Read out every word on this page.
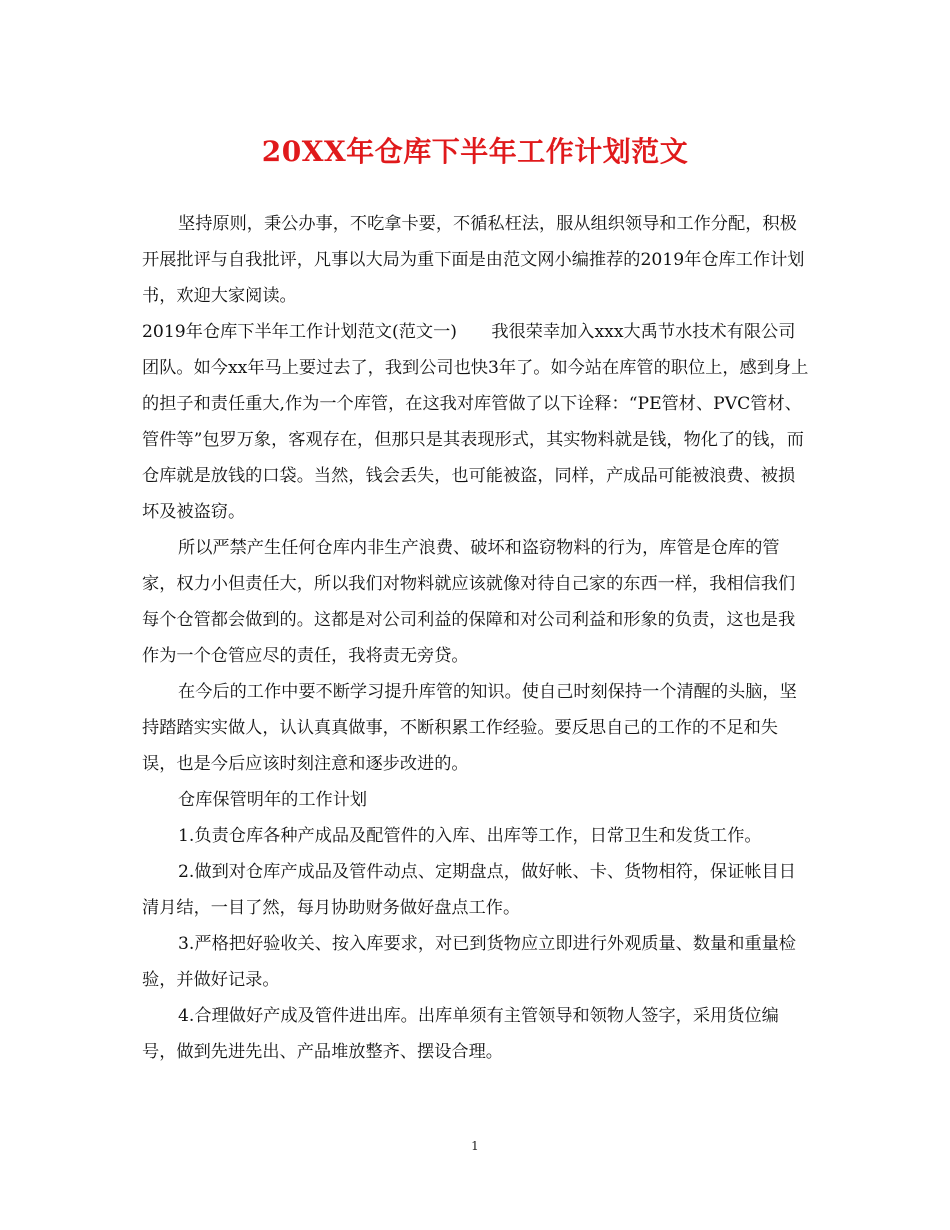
20XX年仓库下半年工作计划范文

坚持原则，秉公办事，不吃拿卡要，不循私枉法，服从组织领导和工作分配，积极开展批评与自我批评，凡事以大局为重下面是由范文网小编推荐的2019年仓库工作计划书，欢迎大家阅读。

2019年仓库下半年工作计划范文(范文一)　　我很荣幸加入xxx大禹节水技术有限公司团队。如今xx年马上要过去了，我到公司也快3年了。如今站在库管的职位上，感到身上的担子和责任重大,作为一个库管，在这我对库管做了以下诠释：“PE管材、PVC管材、管件等”包罗万象，客观存在，但那只是其表现形式，其实物料就是钱，物化了的钱，而仓库就是放钱的口袋。当然，钱会丢失，也可能被盗，同样，产成品可能被浪费、被损坏及被盗窃。

所以严禁产生任何仓库内非生产浪费、破坏和盗窃物料的行为，库管是仓库的管家，权力小但责任大，所以我们对物料就应该就像对待自己家的东西一样，我相信我们每个仓管都会做到的。这都是对公司利益的保障和对公司利益和形象的负责，这也是我作为一个仓管应尽的责任，我将责无旁贷。

在今后的工作中要不断学习提升库管的知识。使自己时刻保持一个清醒的头脑，坚持踏踏实实做人，认认真真做事，不断积累工作经验。要反思自己的工作的不足和失误，也是今后应该时刻注意和逐步改进的。

仓库保管明年的工作计划

1.负责仓库各种产成品及配管件的入库、出库等工作，日常卫生和发货工作。

2.做到对仓库产成品及管件动点、定期盘点，做好帐、卡、货物相符，保证帐目日清月结，一目了然，每月协助财务做好盘点工作。

3.严格把好验收关、按入库要求，对已到货物应立即进行外观质量、数量和重量检验，并做好记录。

4.合理做好产成及管件进出库。出库单须有主管领导和领物人签字，采用货位编号，做到先进先出、产品堆放整齐、摆设合理。

1
